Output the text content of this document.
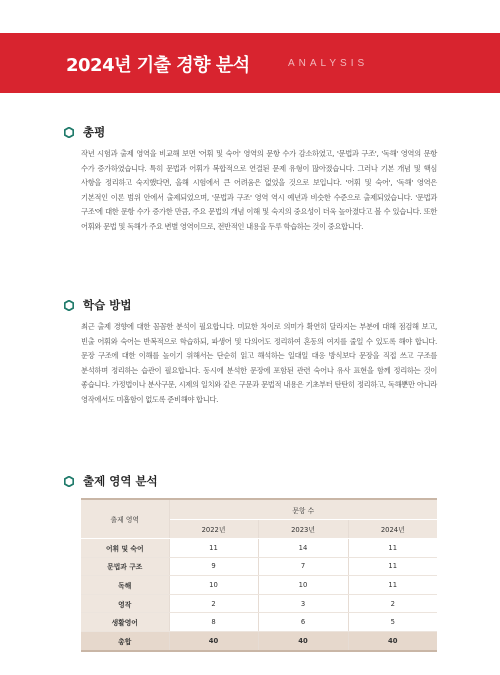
2024년 기출 경향 분석	ANALYSIS
총평
작년 시험과 출제 영역을 비교해 보면 '어휘 및 숙어' 영역의 문항 수가 감소하였고, '문법과 구조', '독해' 영역의 문항 수가 증가하였습니다. 특히 문법과 어휘가 복합적으로 연결된 문제 유형이 많아졌습니다. 그러나 기본 개념 및 핵심 사항을 정리하고 숙지했다면, 올해 시험에서 큰 어려움은 없었을 것으로 보입니다. '어휘 및 숙어', '독해' 영역은 기본적인 이론 범위 안에서 출제되었으며, '문법과 구조' 영역 역시 예년과 비슷한 수준으로 출제되었습니다. '문법과 구조'에 대한 문항 수가 증가한 만큼, 주요 문법의 개념 이해 및 숙지의 중요성이 더욱 높아졌다고 볼 수 있습니다. 또한 어휘와 문법 및 독해가 주요 변별 영역이므로, 전반적인 내용을 두루 학습하는 것이 중요합니다.
학습 방법
최근 출제 경향에 대한 꼼꼼한 분석이 필요합니다. 미묘한 차이로 의미가 확연히 달라지는 부분에 대해 점검해 보고, 빈출 어휘와 숙어는 반복적으로 학습하되, 파생어 및 다의어도 정리하여 혼동의 여지를 줄일 수 있도록 해야 합니다. 문장 구조에 대한 이해를 높이기 위해서는 단순히 읽고 해석하는 일대일 대응 방식보다 문장을 직접 쓰고 구조를 분석하며 정리하는 습관이 필요합니다. 동시에 분석한 문장에 포함된 관련 숙어나 유사 표현을 함께 정리하는 것이 좋습니다. 가정법이나 분사구문, 시제의 일치와 같은 구문과 문법적 내용은 기초부터 탄탄히 정리하고, 독해뿐만 아니라 영작에서도 미흡함이 없도록 준비해야 합니다.
출제 영역 분석
출제 영역	문항 수		
	2022년	2023년	2024년
어휘 및 숙어	11	14	11
문법과 구조	9	7	11
독해	10	10	11
영작	2	3	2
생활영어	8	6	5
총합	40	40	40
